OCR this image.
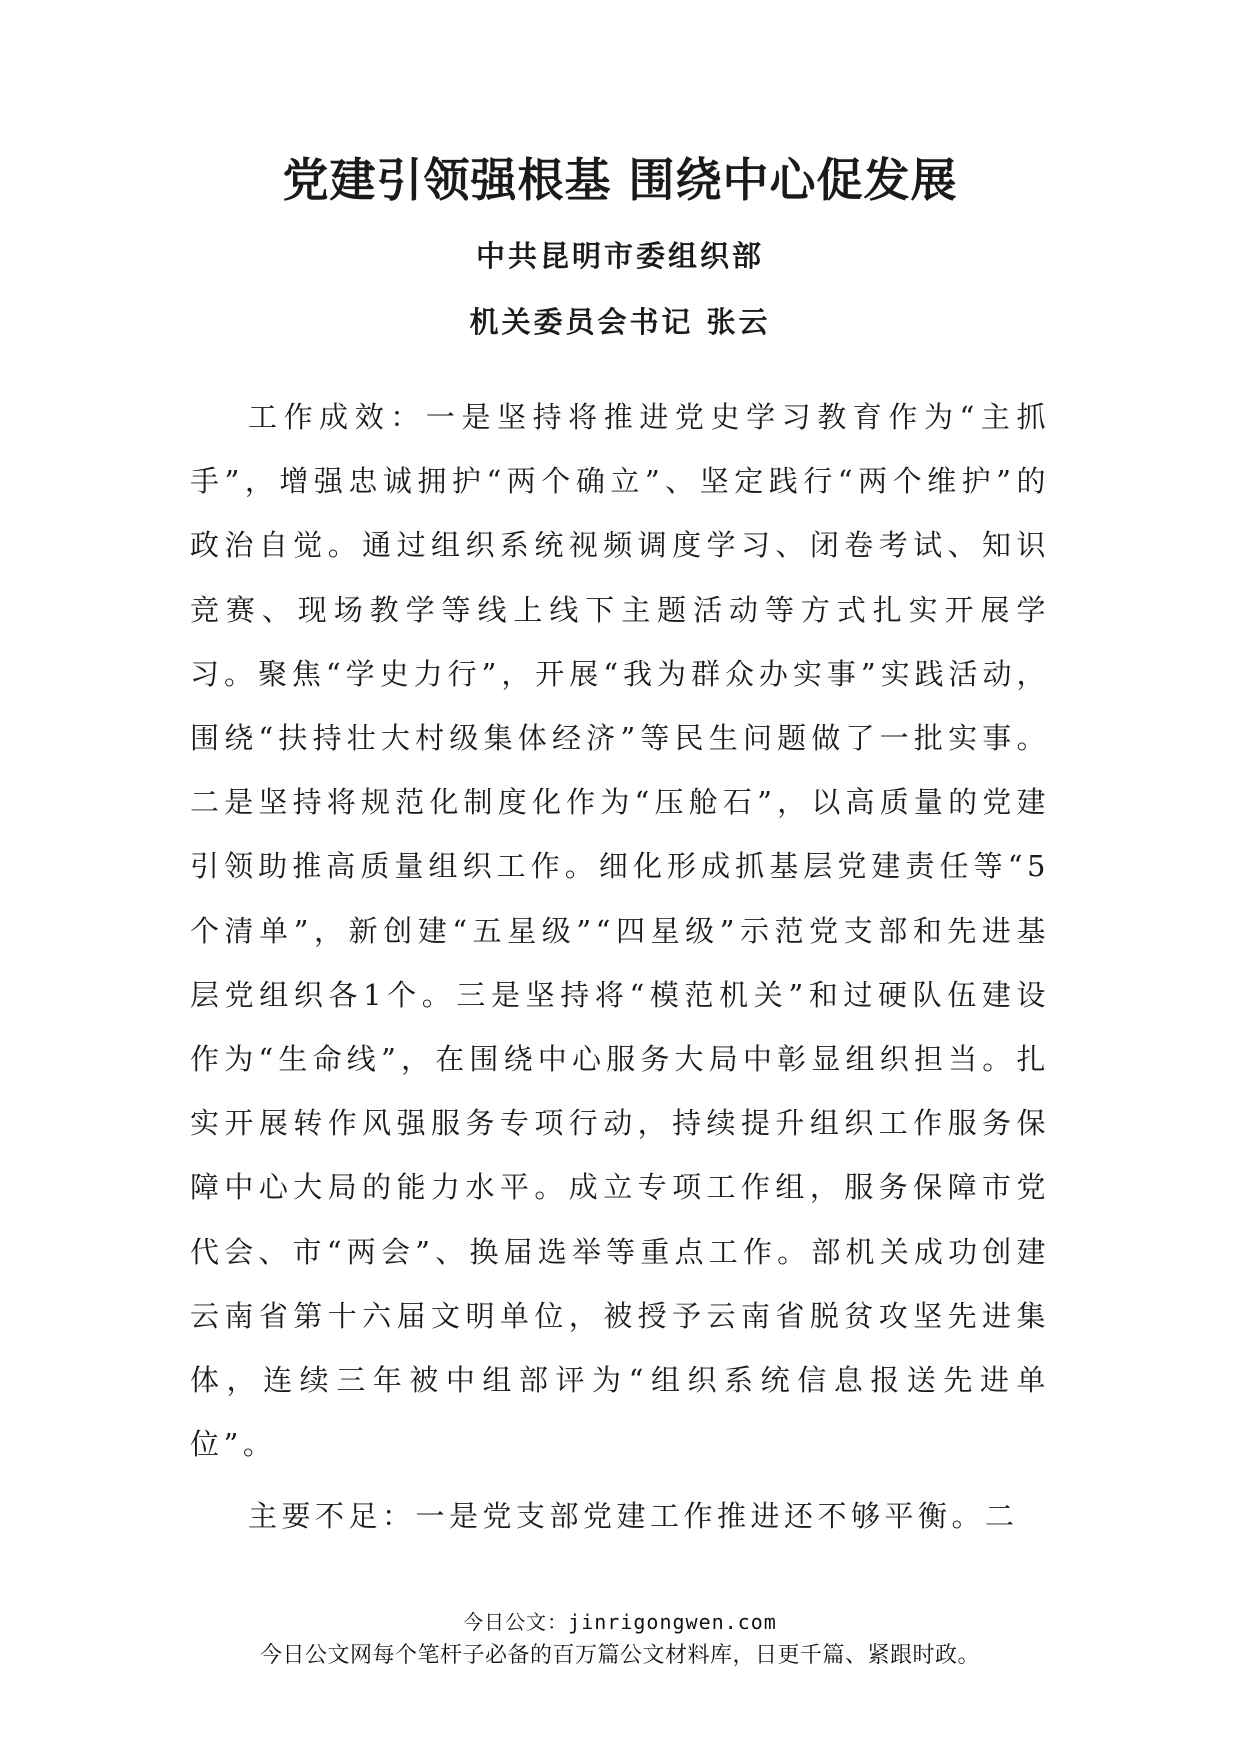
党建引领强根基 围绕中心促发展

中共昆明市委组织部

机关委员会书记 张云

工作成效：一是坚持将推进党史学习教育作为“主抓手”，增强忠诚拥护“两个确立”、坚定践行“两个维护”的政治自觉。通过组织系统视频调度学习、闭卷考试、知识竞赛、现场教学等线上线下主题活动等方式扎实开展学习。聚焦“学史力行”，开展“我为群众办实事”实践活动，围绕“扶持壮大村级集体经济”等民生问题做了一批实事。二是坚持将规范化制度化作为“压舱石”，以高质量的党建引领助推高质量组织工作。细化形成抓基层党建责任等“5个清单”，新创建“五星级”“四星级”示范党支部和先进基层党组织各1个。三是坚持将“模范机关”和过硬队伍建设作为“生命线”，在围绕中心服务大局中彰显组织担当。扎实开展转作风强服务专项行动，持续提升组织工作服务保障中心大局的能力水平。成立专项工作组，服务保障市党代会、市“两会”、换届选举等重点工作。部机关成功创建云南省第十六届文明单位，被授予云南省脱贫攻坚先进集体，连续三年被中组部评为“组织系统信息报送先进单位”。

主要不足：一是党支部党建工作推进还不够平衡。二

今日公文：jinrigongwen.com

今日公文网每个笔杆子必备的百万篇公文材料库，日更千篇、紧跟时政。
